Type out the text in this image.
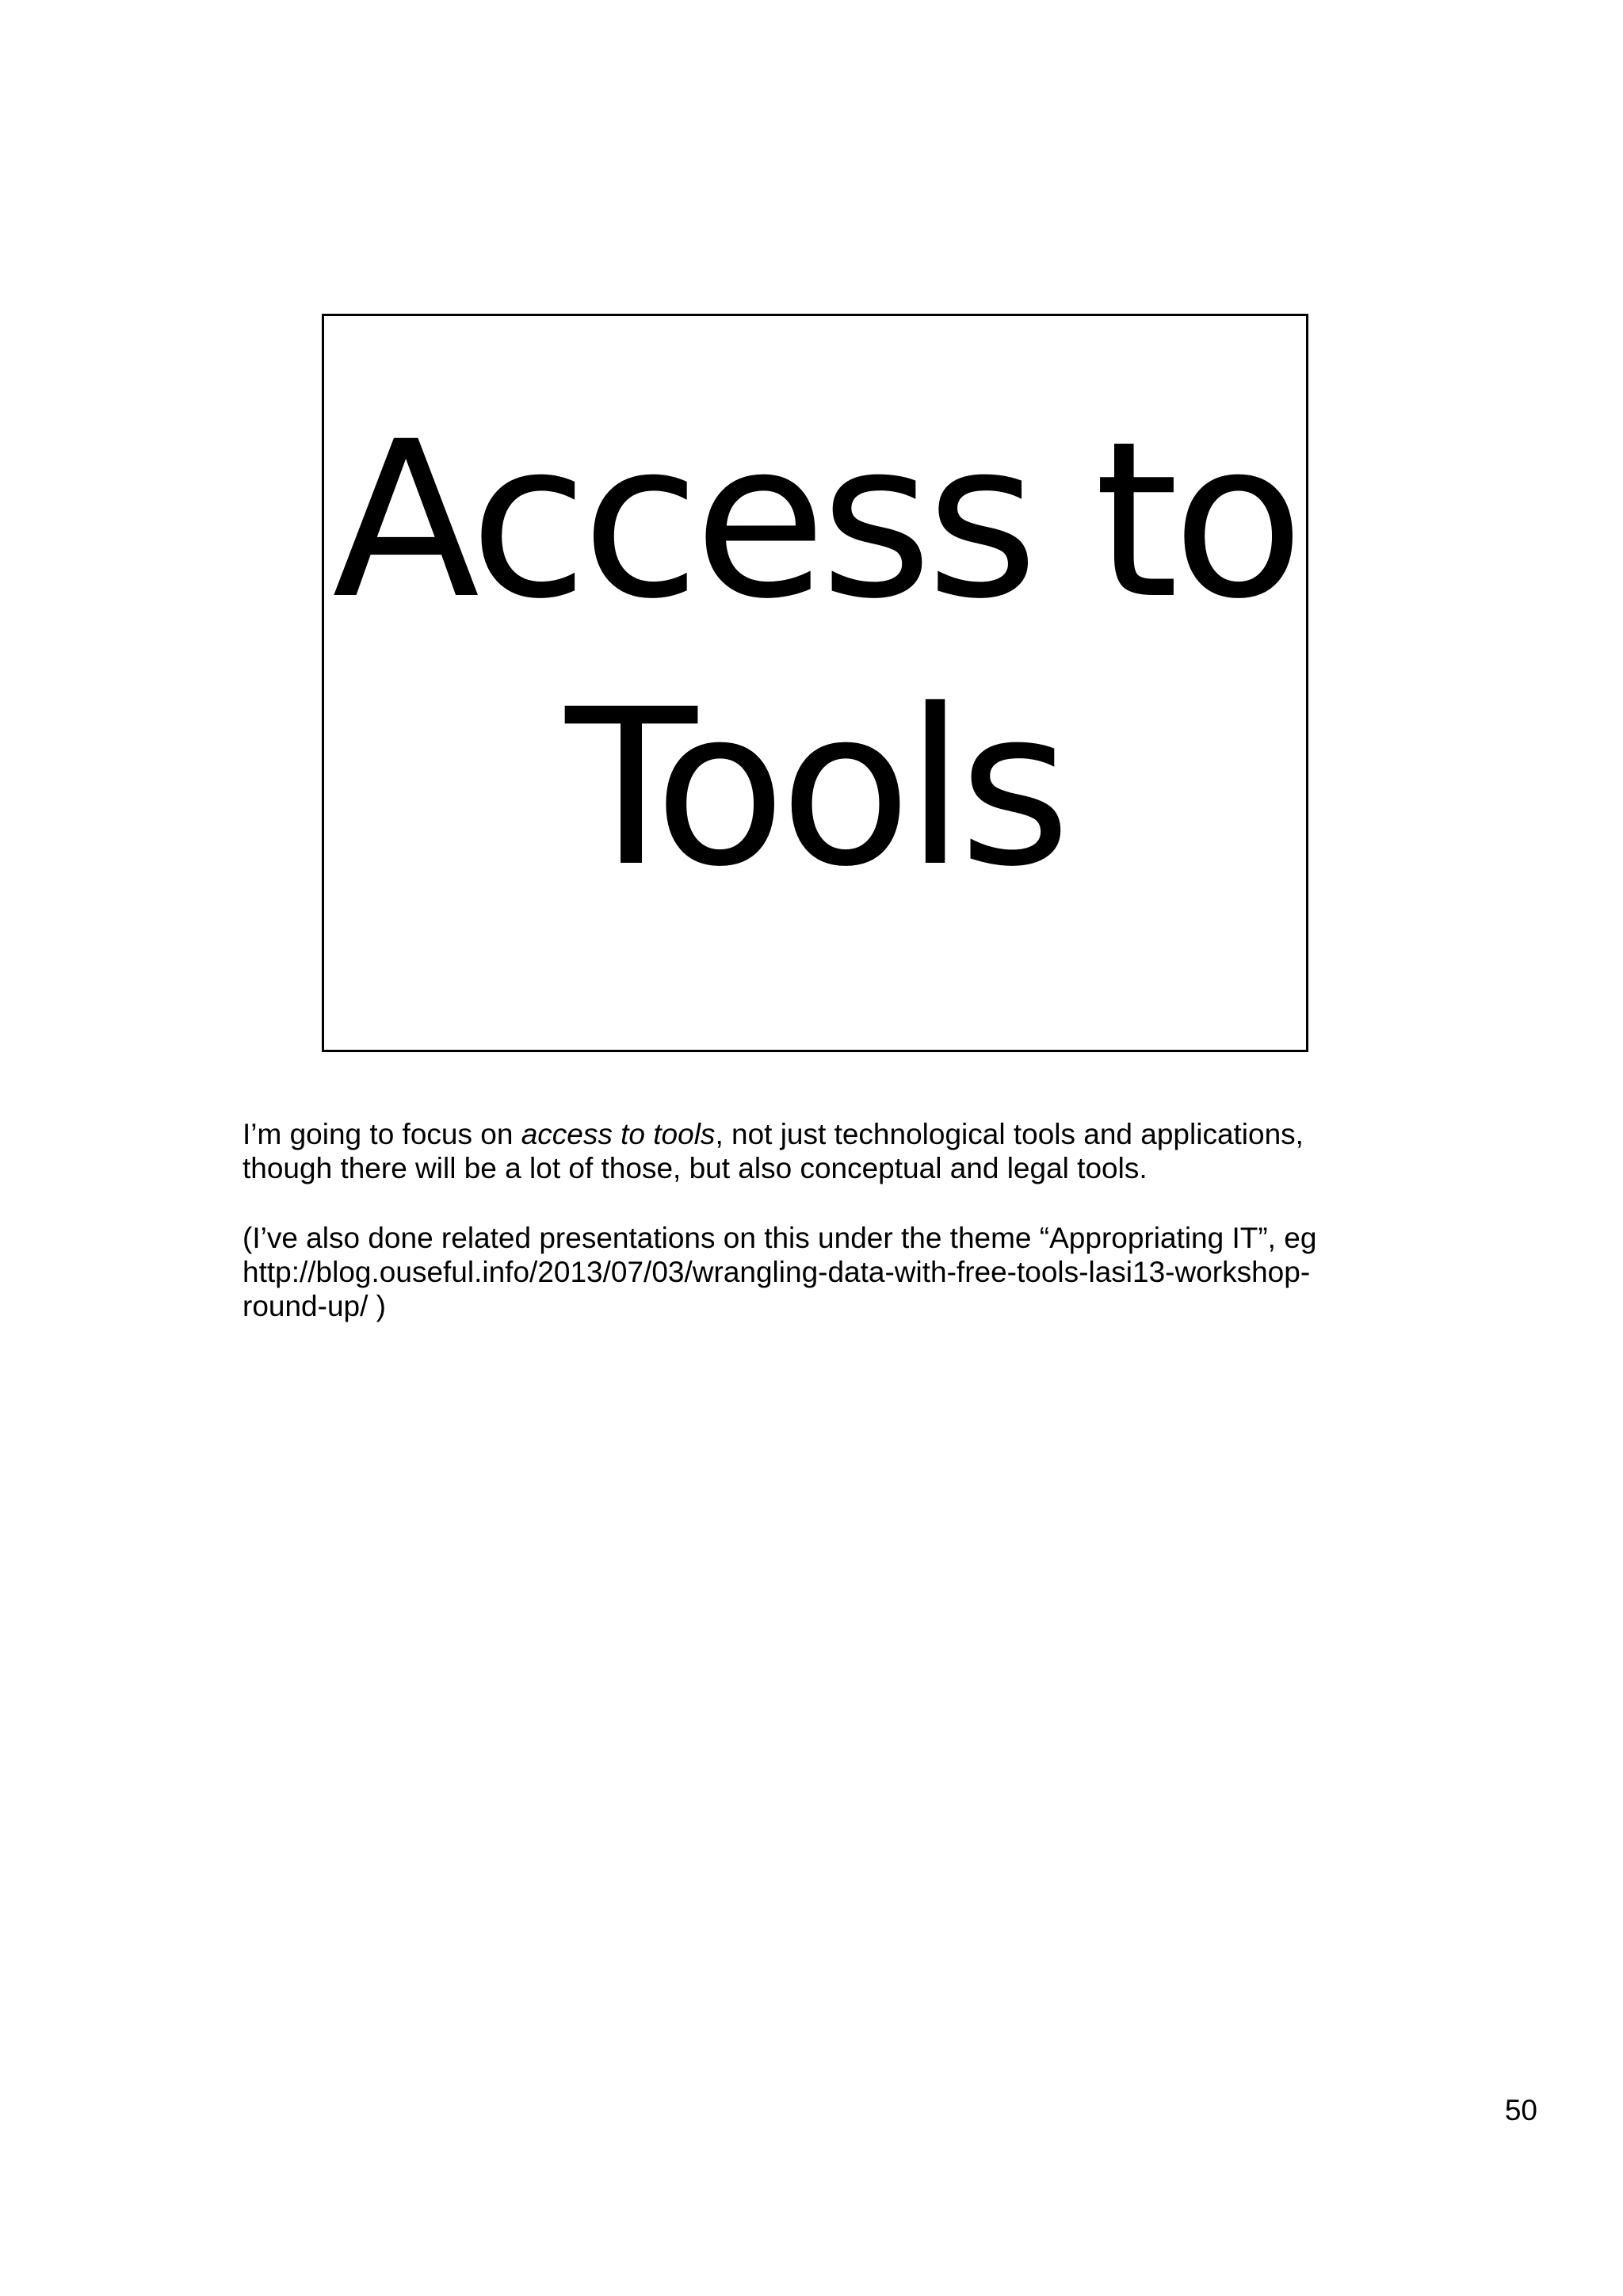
Access to
Tools

I’m going to focus on access to tools, not just technological tools and applications,
though there will be a lot of those, but also conceptual and legal tools.

(I’ve also done related presentations on this under the theme “Appropriating IT”, eg
http://blog.ouseful.info/2013/07/03/wrangling-data-with-free-tools-lasi13-workshop-
round-up/ )

50
